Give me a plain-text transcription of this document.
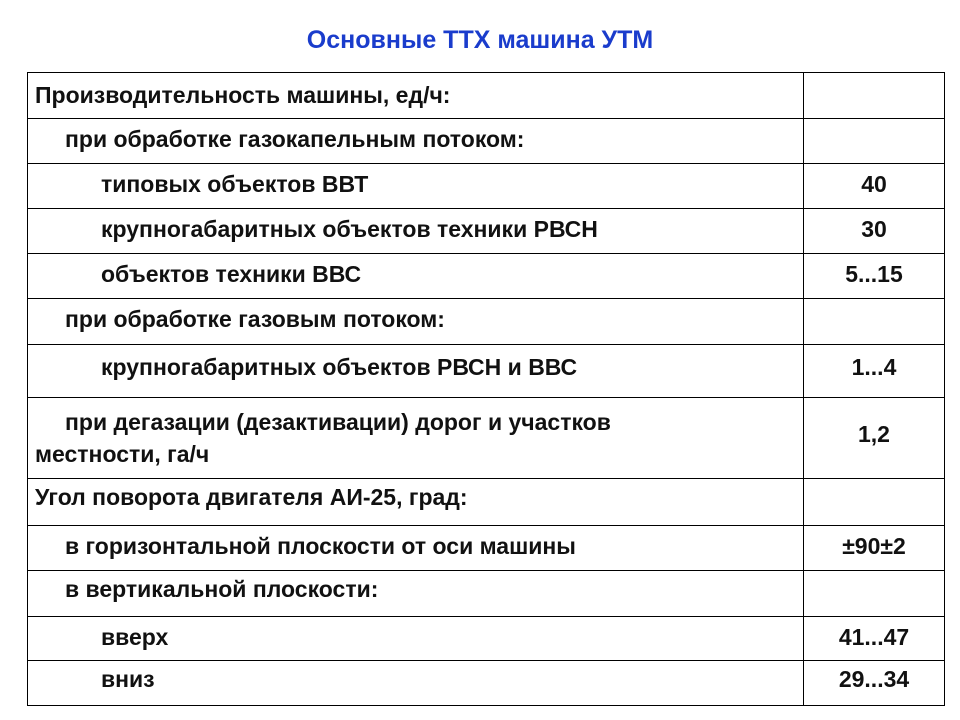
Основные ТТХ машина УТМ
Производительность машины, ед/ч:	
при обработке газокапельным потоком:	
типовых объектов ВВТ	40
крупногабаритных объектов техники РВСН	30
объектов техники ВВС	5...15
при обработке газовым потоком:	
крупногабаритных объектов РВСН и ВВС	1...4

при дегазации (дезактивации) дорог и участков
местности, га/ч	1,2
Угол поворота двигателя АИ-25, град:	
в горизонтальной плоскости от оси машины	±90±2
в вертикальной плоскости:	
вверх	41...47
вниз	29...34
